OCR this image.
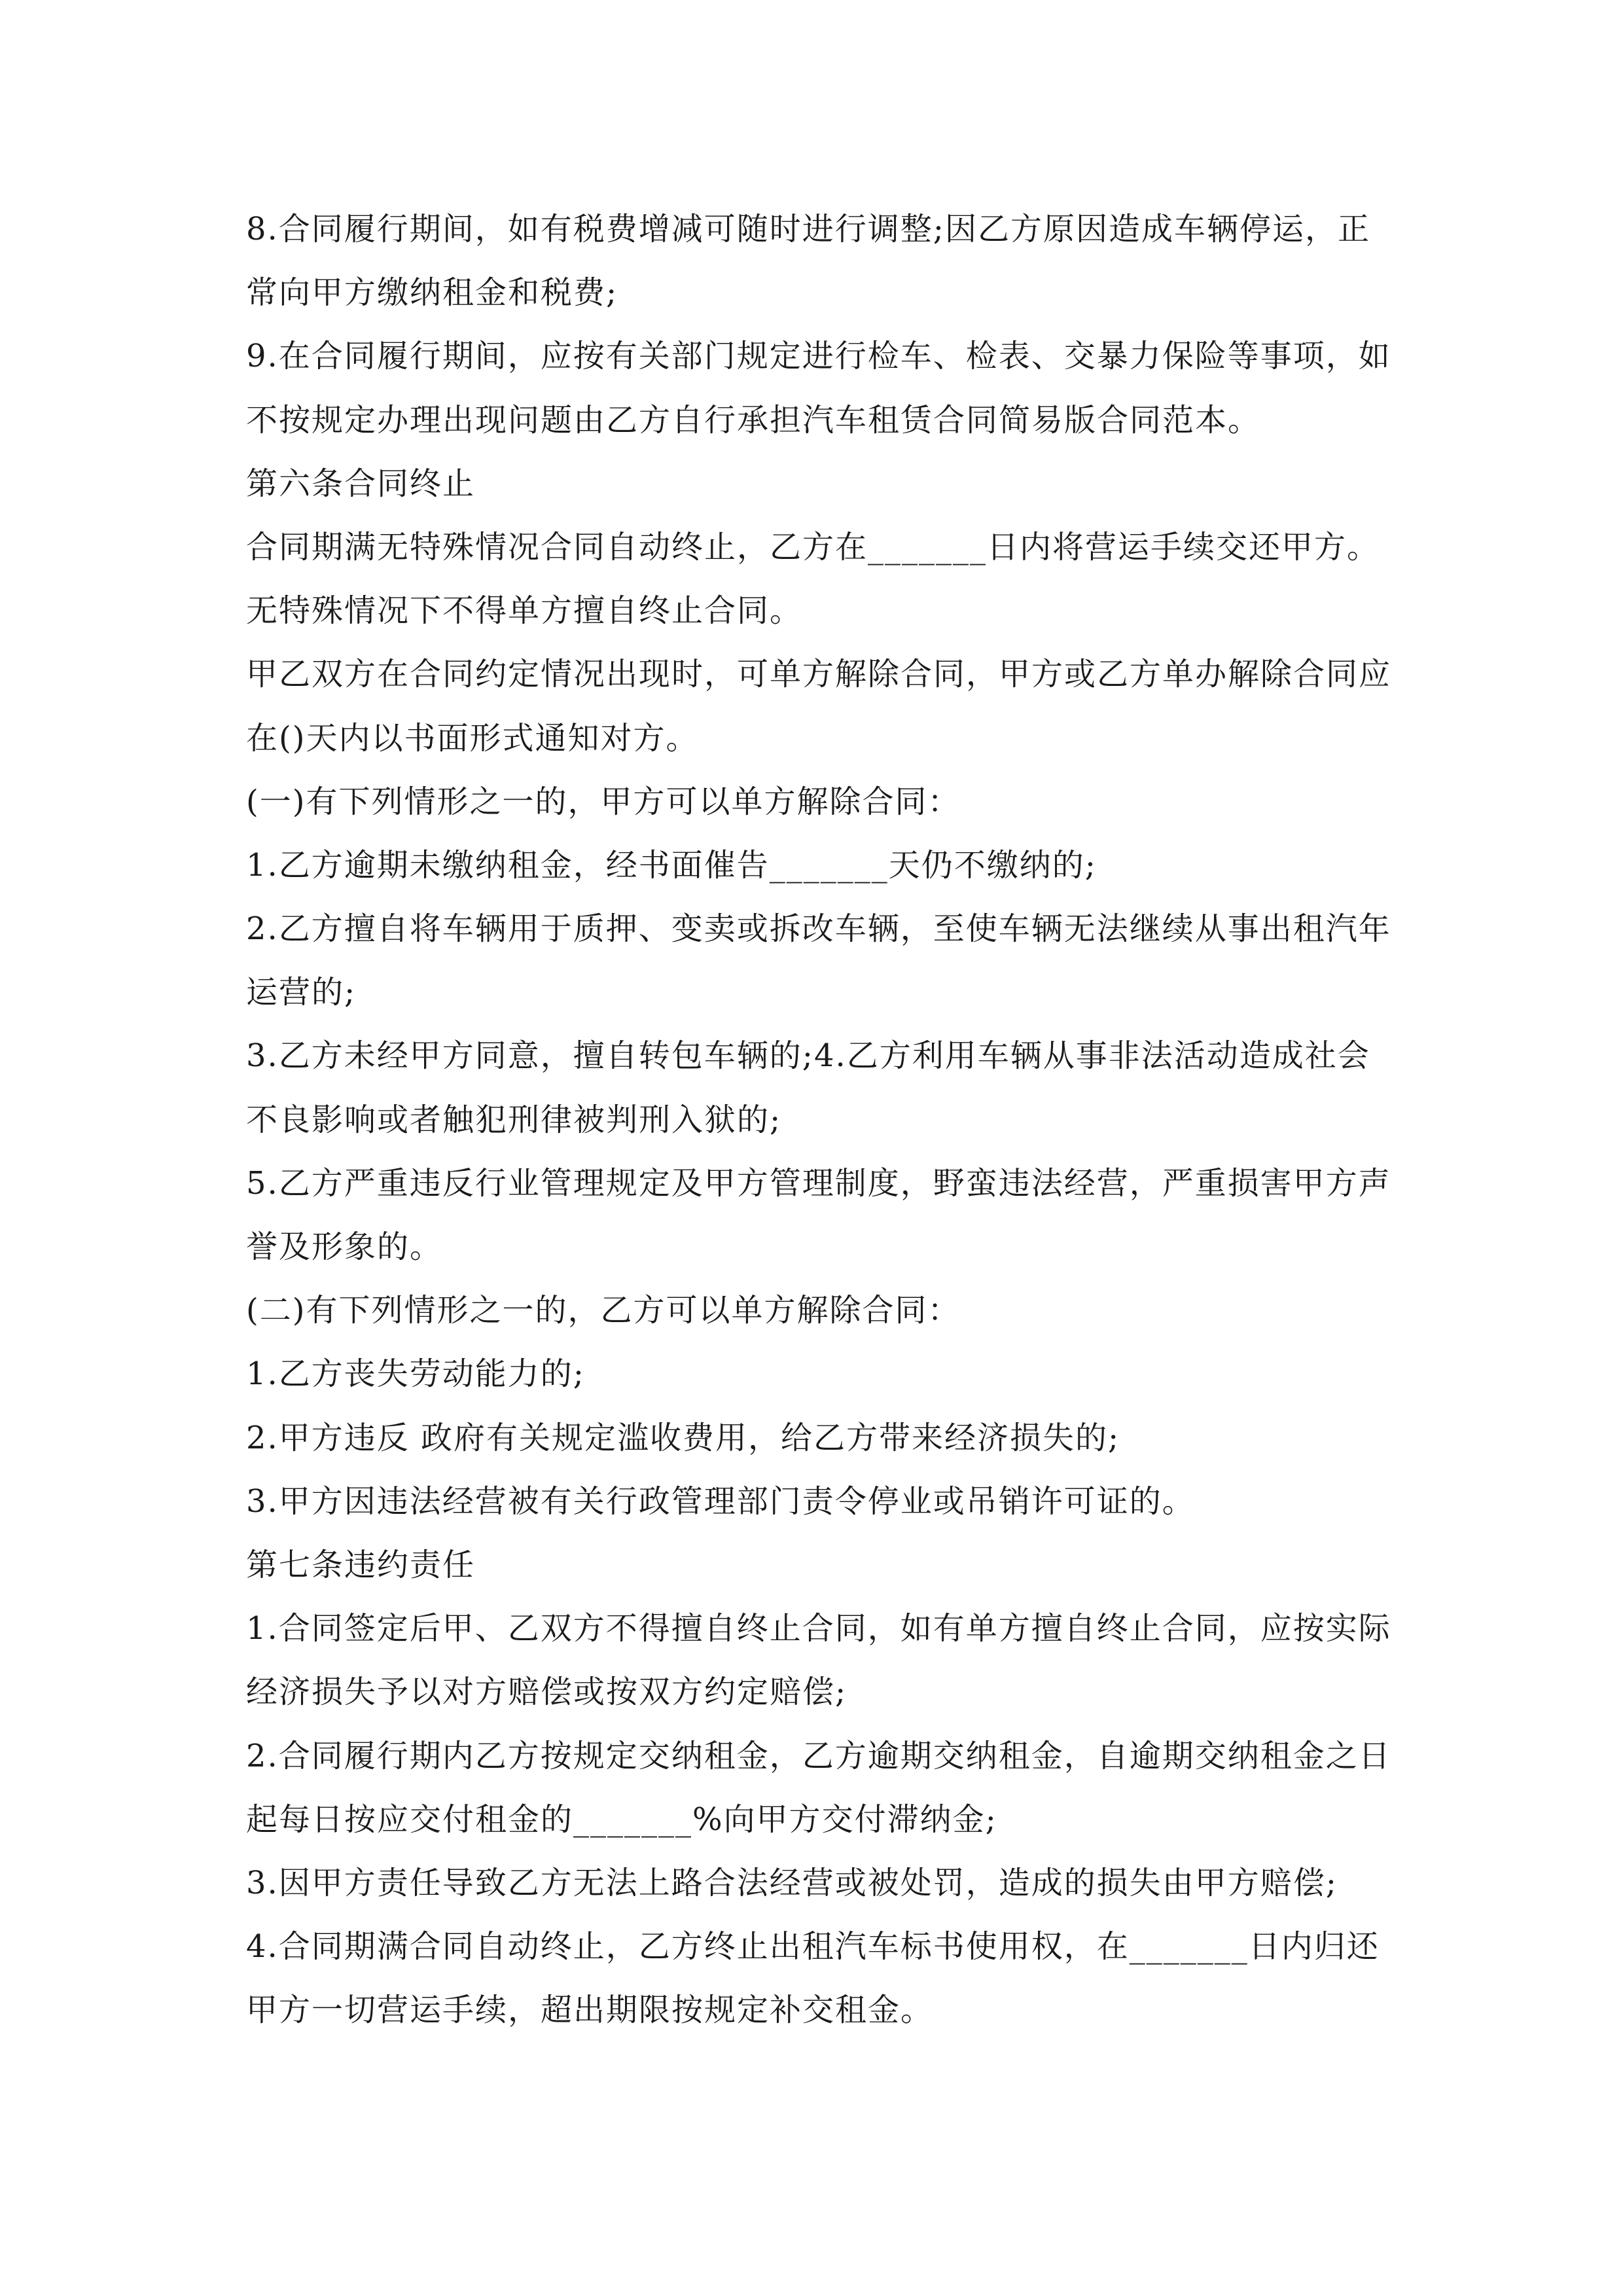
8.合同履行期间，如有税费增减可随时进行调整;因乙方原因造成车辆停运，正
常向甲方缴纳租金和税费;
9.在合同履行期间，应按有关部门规定进行检车、检表、交暴力保险等事项，如
不按规定办理出现问题由乙方自行承担汽车租赁合同简易版合同范本。
第六条合同终止
合同期满无特殊情况合同自动终止，乙方在_______日内将营运手续交还甲方。
无特殊情况下不得单方擅自终止合同。
甲乙双方在合同约定情况出现时，可单方解除合同，甲方或乙方单办解除合同应
在()天内以书面形式通知对方。
(一)有下列情形之一的，甲方可以单方解除合同：
1.乙方逾期未缴纳租金，经书面催告_______天仍不缴纳的;
2.乙方擅自将车辆用于质押、变卖或拆改车辆，至使车辆无法继续从事出租汽年
运营的;
3.乙方未经甲方同意，擅自转包车辆的;4.乙方利用车辆从事非法活动造成社会
不良影响或者触犯刑律被判刑入狱的;
5.乙方严重违反行业管理规定及甲方管理制度，野蛮违法经营，严重损害甲方声
誉及形象的。
(二)有下列情形之一的，乙方可以单方解除合同：
1.乙方丧失劳动能力的;
2.甲方违反 政府有关规定滥收费用，给乙方带来经济损失的;
3.甲方因违法经营被有关行政管理部门责令停业或吊销许可证的。
第七条违约责任
1.合同签定后甲、乙双方不得擅自终止合同，如有单方擅自终止合同，应按实际
经济损失予以对方赔偿或按双方约定赔偿;
2.合同履行期内乙方按规定交纳租金，乙方逾期交纳租金，自逾期交纳租金之日
起每日按应交付租金的_______%向甲方交付滞纳金;
3.因甲方责任导致乙方无法上路合法经营或被处罚，造成的损失由甲方赔偿;
4.合同期满合同自动终止，乙方终止出租汽车标书使用权，在_______日内归还
甲方一切营运手续，超出期限按规定补交租金。
